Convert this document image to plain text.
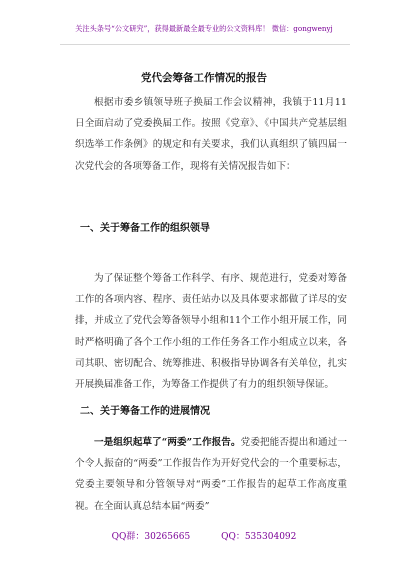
关注头条号“公文研究”，获得最新最全最专业的公文资料库！ 微信：gongwenyj
党代会筹备工作情况的报告

根据市委乡镇领导班子换届工作会议精神，我镇于11月11日全面启动了党委换届工作。按照《党章》、《中国共产党基层组织选举工作条例》的规定和有关要求，我们认真组织了镇四届一次党代会的各项筹备工作，现将有关情况报告如下：

一、关于筹备工作的组织领导

为了保证整个筹备工作科学、有序、规范进行，党委对筹备工作的各项内容、程序、责任站办以及具体要求都做了详尽的安排，并成立了党代会筹备领导小组和11个工作小组开展工作，同时严格明确了各个工作小组的工作任务各工作小组成立以来，各司其职、密切配合、统筹推进、积极指导协调各有关单位，扎实开展换届准备工作，为筹备工作提供了有力的组织领导保证。

二、关于筹备工作的进展情况

一是组织起草了“两委”工作报告。党委把能否提出和通过一个令人振奋的“两委”工作报告作为开好党代会的一个重要标志，党委主要领导和分管领导对“两委”工作报告的起草工作高度重视。在全面认真总结本届“两委”

QQ群：30265665	QQ：535304092
